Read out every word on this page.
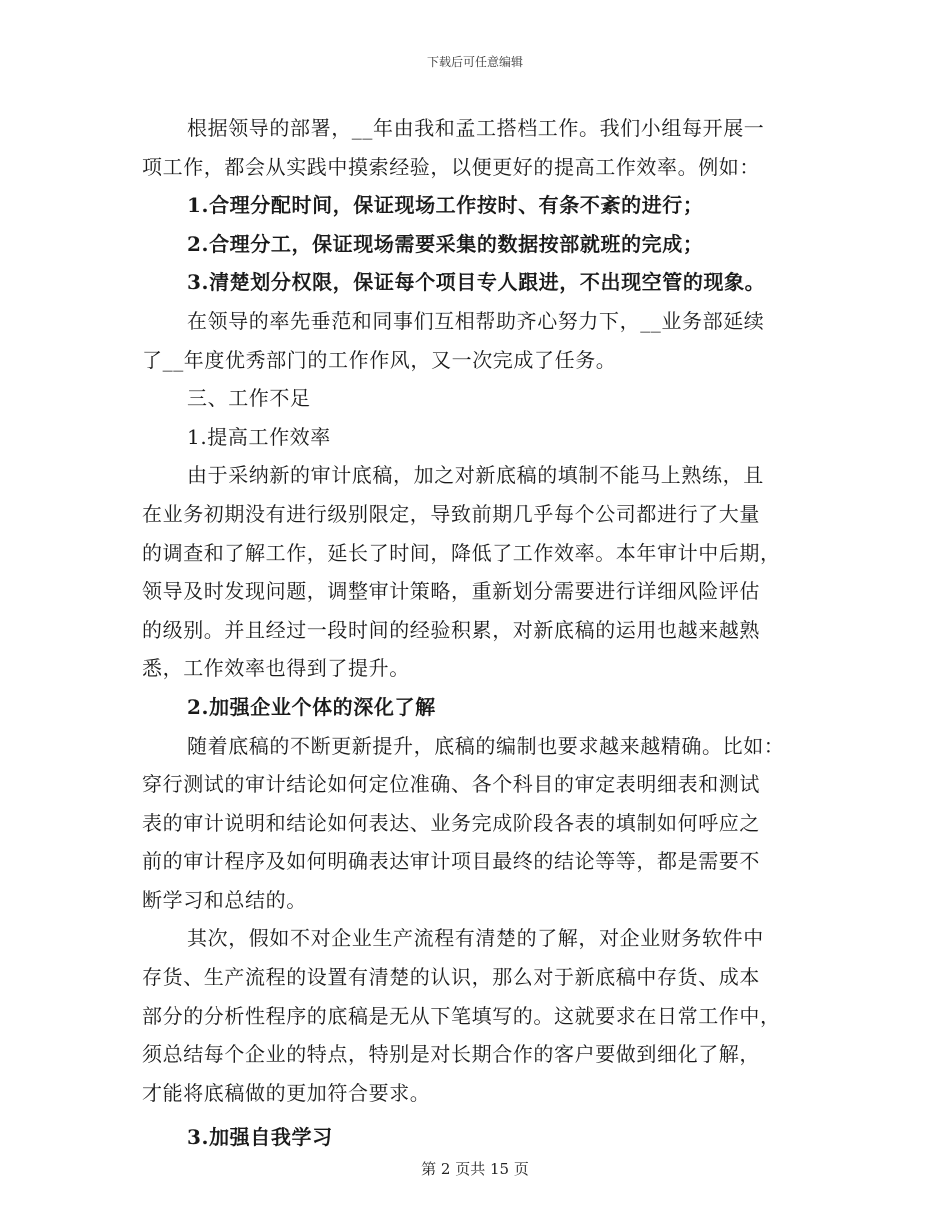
下载后可任意编辑
根据领导的部署，__年由我和孟工搭档工作。我们小组每开展一
项工作，都会从实践中摸索经验，以便更好的提高工作效率。例如：
1.合理分配时间，保证现场工作按时、有条不紊的进行；
2.合理分工，保证现场需要采集的数据按部就班的完成；
3.清楚划分权限，保证每个项目专人跟进，不出现空管的现象。
在领导的率先垂范和同事们互相帮助齐心努力下，__业务部延续
了__年度优秀部门的工作作风，又一次完成了任务。
三、工作不足
1.提高工作效率
由于采纳新的审计底稿，加之对新底稿的填制不能马上熟练，且
在业务初期没有进行级别限定，导致前期几乎每个公司都进行了大量
的调查和了解工作，延长了时间，降低了工作效率。本年审计中后期，
领导及时发现问题，调整审计策略，重新划分需要进行详细风险评估
的级别。并且经过一段时间的经验积累，对新底稿的运用也越来越熟
悉，工作效率也得到了提升。
2.加强企业个体的深化了解
随着底稿的不断更新提升，底稿的编制也要求越来越精确。比如：
穿行测试的审计结论如何定位准确、各个科目的审定表明细表和测试
表的审计说明和结论如何表达、业务完成阶段各表的填制如何呼应之
前的审计程序及如何明确表达审计项目最终的结论等等，都是需要不
断学习和总结的。
其次，假如不对企业生产流程有清楚的了解，对企业财务软件中
存货、生产流程的设置有清楚的认识，那么对于新底稿中存货、成本
部分的分析性程序的底稿是无从下笔填写的。这就要求在日常工作中，
须总结每个企业的特点，特别是对长期合作的客户要做到细化了解，
才能将底稿做的更加符合要求。
3.加强自我学习
第 2 页共 15 页
